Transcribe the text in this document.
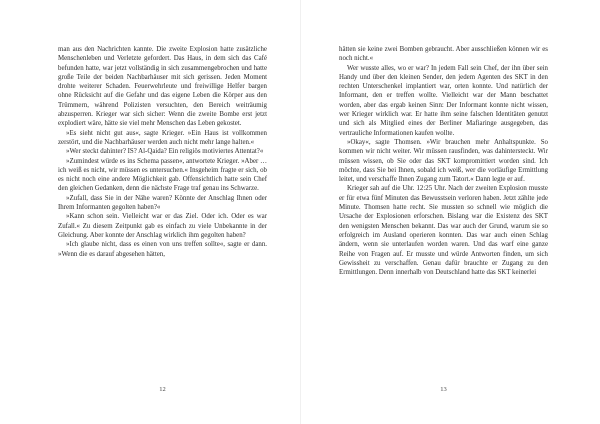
man aus den Nachrichten kannte. Die zweite Explosion hatte zusätzliche Menschenleben und Verletzte gefordert. Das Haus, in dem sich das Café befunden hatte, war jetzt vollständig in sich zusammengebrochen und hatte große Teile der beiden Nachbarhäuser mit sich gerissen. Jeden Moment drohte weiterer Schaden. Feuerwehrleute und freiwillige Helfer bargen ohne Rücksicht auf die Gefahr und das eigene Leben die Körper aus den Trümmern, während Polizisten versuchten, den Bereich weiträumig abzusperren. Krieger war sich sicher: Wenn die zweite Bombe erst jetzt explodiert wäre, hätte sie viel mehr Menschen das Leben gekostet.

»Es sieht nicht gut aus«, sagte Krieger. »Ein Haus ist vollkommen zerstört, und die Nachbarhäuser werden auch nicht mehr lange halten.«

»Wer steckt dahinter? IS? Al-Qaida? Ein religiös motiviertes Attentat?«

»Zumindest würde es ins Schema passen«, antwortete Krieger. »Aber … ich weiß es nicht, wir müssen es untersuchen.« Insgeheim fragte er sich, ob es nicht noch eine andere Möglichkeit gab. Offensichtlich hatte sein Chef den gleichen Gedanken, denn die nächste Frage traf genau ins Schwarze.

»Zufall, dass Sie in der Nähe waren? Könnte der Anschlag Ihnen oder Ihrem Informanten gegolten haben?«

»Kann schon sein. Vielleicht war er das Ziel. Oder ich. Oder es war Zufall.« Zu diesem Zeitpunkt gab es einfach zu viele Unbekannte in der Gleichung. Aber konnte der Anschlag wirklich ihm gegolten haben?

»Ich glaube nicht, dass es einen von uns treffen sollte«, sagte er dann. »Wenn die es darauf abgesehen hätten,

12

hätten sie keine zwei Bomben gebraucht. Aber ausschließen können wir es noch nicht.«

Wer wusste alles, wo er war? In jedem Fall sein Chef, der ihn über sein Handy und über den kleinen Sender, den jedem Agenten des SKT in den rechten Unterschenkel implantiert war, orten konnte. Und natürlich der Informant, den er treffen wollte. Vielleicht war der Mann beschattet worden, aber das ergab keinen Sinn: Der Informant konnte nicht wissen, wer Krieger wirklich war. Er hatte ihm seine falschen Identitäten genutzt und sich als Mitglied eines der Berliner Mafiaringe ausgegeben, das vertrauliche Informationen kaufen wollte.

»Okay«, sagte Thomsen. »Wir brauchen mehr Anhaltspunkte. So kommen wir nicht weiter. Wir müssen rausfinden, was dahintersteckt. Wir müssen wissen, ob Sie oder das SKT kompromittiert worden sind. Ich möchte, dass Sie bei Ihnen, sobald ich weiß, wer die vorläufige Ermittlung leitet, und verschaffe Ihnen Zugang zum Tatort.« Dann legte er auf.

Krieger sah auf die Uhr. 12:25 Uhr. Nach der zweiten Explosion musste er für etwa fünf Minuten das Bewusstsein verloren haben. Jetzt zählte jede Minute. Thomsen hatte recht. Sie mussten so schnell wie möglich die Ursache der Explosionen erforschen. Bislang war die Existenz des SKT den wenigsten Menschen bekannt. Das war auch der Grund, warum sie so erfolgreich im Ausland operieren konnten. Das war auch einen Schlag ändern, wenn sie unterlaufen worden waren. Und das warf eine ganze Reihe von Fragen auf. Er musste und würde Antworten finden, um sich Gewissheit zu verschaffen. Genau dafür brauchte er Zugang zu den Ermittlungen. Denn innerhalb von Deutschland hatte das SKT keinerlei

13
